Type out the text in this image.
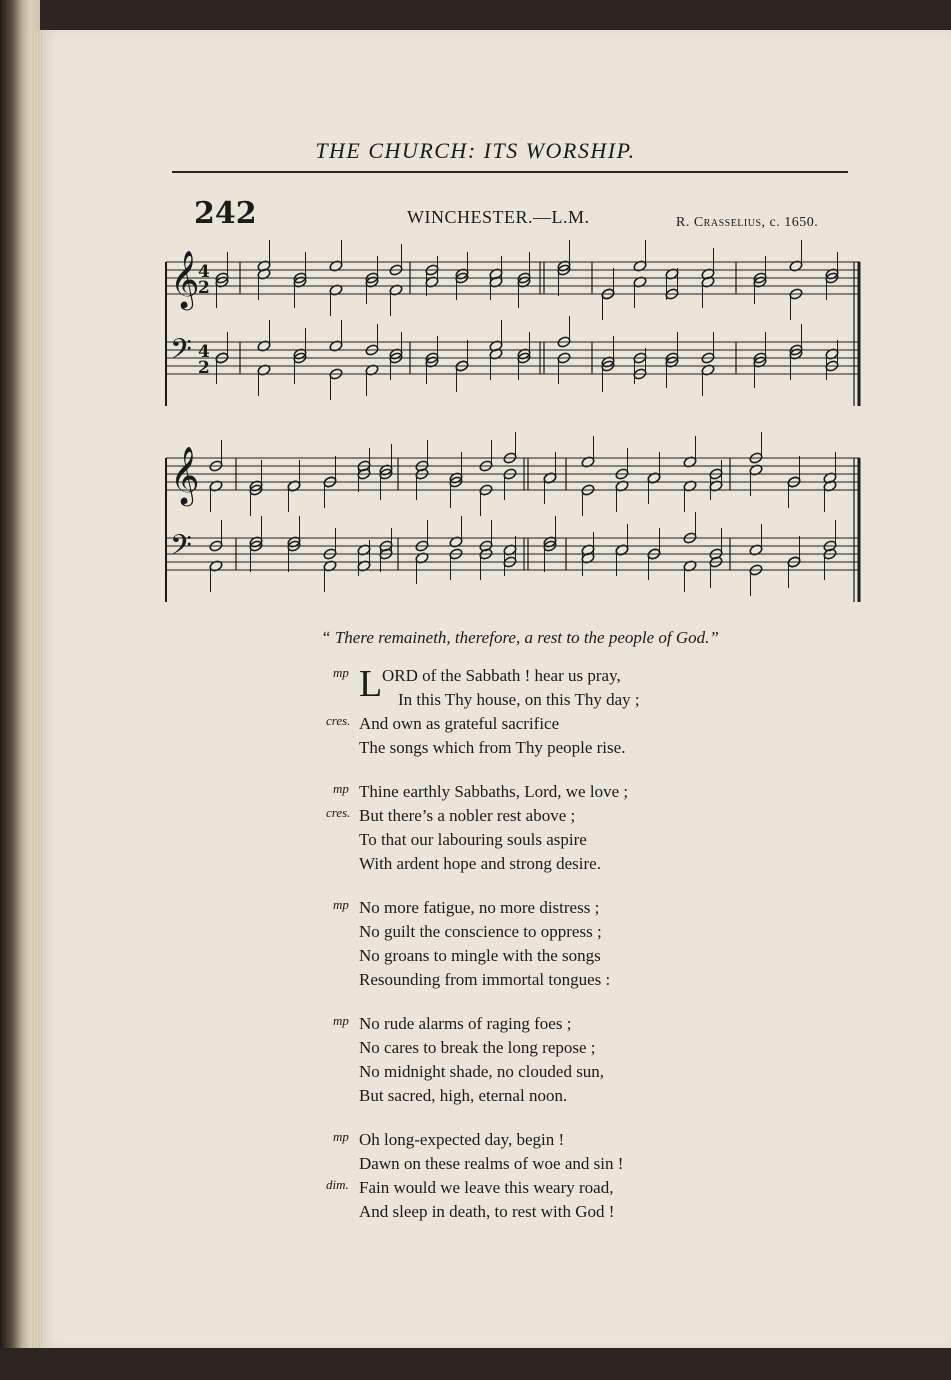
THE CHURCH: ITS WORSHIP.
242	WINCHESTER.—L.M.	R. Crasselius, c. 1650.
𝄞
𝄢
𝄞
𝄢
4
2
4
2
“ There remaineth, therefore, a rest to the people of God.”
mp L ORD of the Sabbath ! hear us pray,
In this Thy house, on this Thy day ;
cres. And own as grateful sacrifice
The songs which from Thy people rise.
mp Thine earthly Sabbaths, Lord, we love ;
cres. But there’s a nobler rest above ;
To that our labouring souls aspire
With ardent hope and strong desire.
mp No more fatigue, no more distress ;
No guilt the conscience to oppress ;
No groans to mingle with the songs
Resounding from immortal tongues :
mp No rude alarms of raging foes ;
No cares to break the long repose ;
No midnight shade, no clouded sun,
But sacred, high, eternal noon.
mp Oh long-expected day, begin !
Dawn on these realms of woe and sin !
dim. Fain would we leave this weary road,
And sleep in death, to rest with God !
